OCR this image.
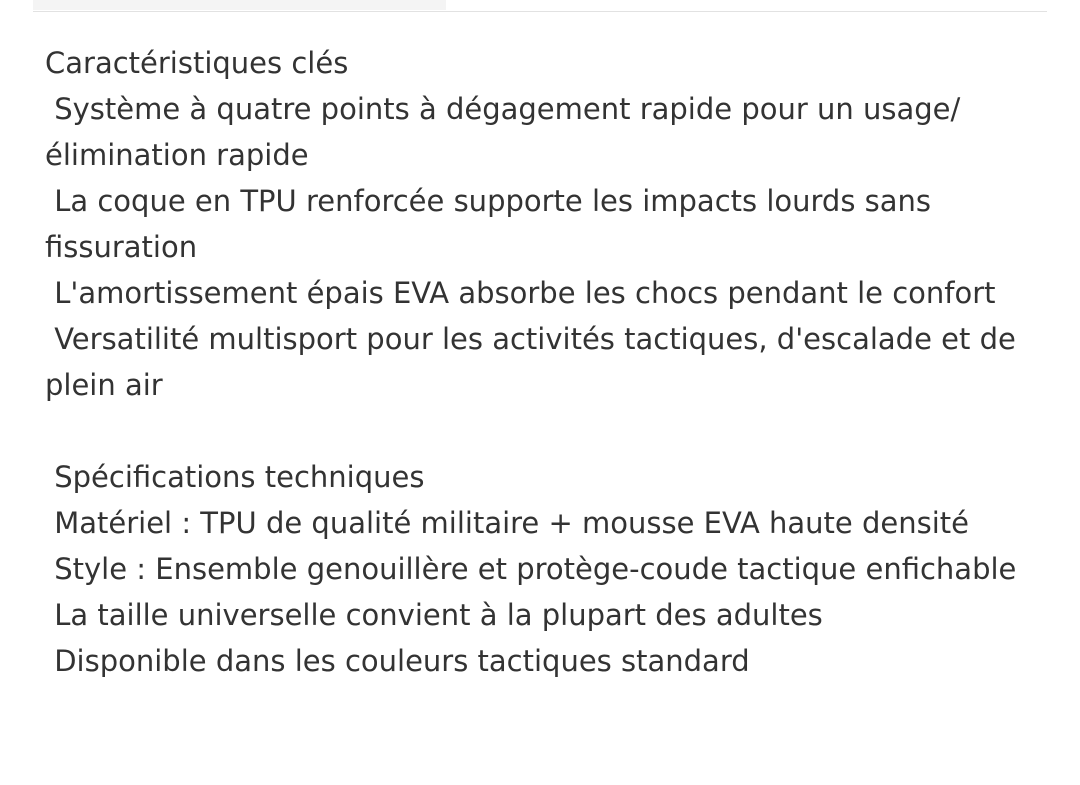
Caractéristiques clés

Système à quatre points à dégagement rapide pour un usage/élimination rapide

La coque en TPU renforcée supporte les impacts lourds sans fissuration

L'amortissement épais EVA absorbe les chocs pendant le confort

Versatilité multisport pour les activités tactiques, d'escalade et de plein air

Spécifications techniques

Matériel : TPU de qualité militaire + mousse EVA haute densité

Style : Ensemble genouillère et protège-coude tactique enfichable

La taille universelle convient à la plupart des adultes

Disponible dans les couleurs tactiques standard
